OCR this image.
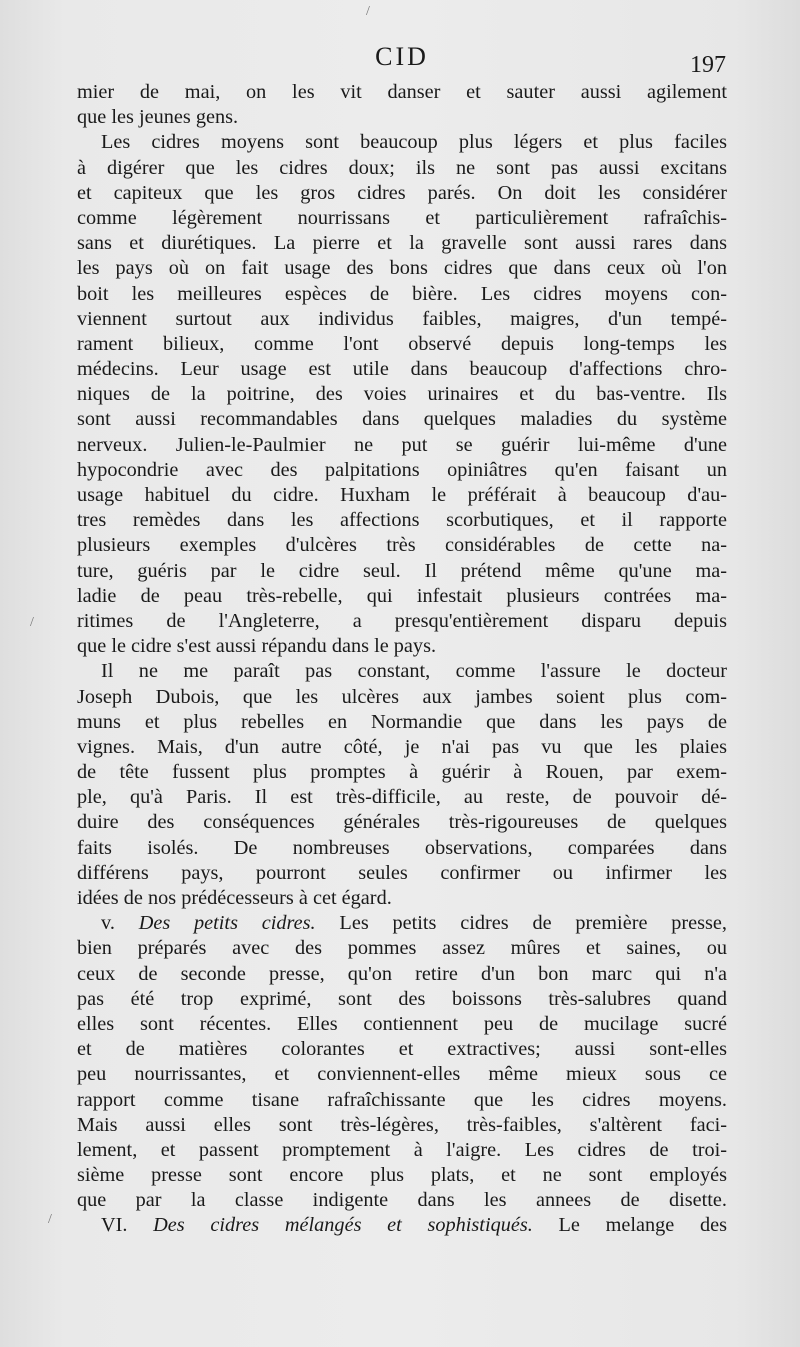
CID	197
mier de mai, on les vit danser et sauter aussi agilement
que les jeunes gens.
Les cidres moyens sont beaucoup plus légers et plus faciles
à digérer que les cidres doux; ils ne sont pas aussi excitans
et capiteux que les gros cidres parés. On doit les considérer
comme légèrement nourrissans et particulièrement rafraîchis-
sans et diurétiques. La pierre et la gravelle sont aussi rares dans
les pays où on fait usage des bons cidres que dans ceux où l'on
boit les meilleures espèces de bière. Les cidres moyens con-
viennent surtout aux individus faibles, maigres, d'un tempé-
rament bilieux, comme l'ont observé depuis long-temps les
médecins. Leur usage est utile dans beaucoup d'affections chro-
niques de la poitrine, des voies urinaires et du bas-ventre. Ils
sont aussi recommandables dans quelques maladies du système
nerveux. Julien-le-Paulmier ne put se guérir lui-même d'une
hypocondrie avec des palpitations opiniâtres qu'en faisant un
usage habituel du cidre. Huxham le préférait à beaucoup d'au-
tres remèdes dans les affections scorbutiques, et il rapporte
plusieurs exemples d'ulcères très considérables de cette na-
ture, guéris par le cidre seul. Il prétend même qu'une ma-
ladie de peau très-rebelle, qui infestait plusieurs contrées ma-
ritimes de l'Angleterre, a presqu'entièrement disparu depuis
que le cidre s'est aussi répandu dans le pays.
Il ne me paraît pas constant, comme l'assure le docteur
Joseph Dubois, que les ulcères aux jambes soient plus com-
muns et plus rebelles en Normandie que dans les pays de
vignes. Mais, d'un autre côté, je n'ai pas vu que les plaies
de tête fussent plus promptes à guérir à Rouen, par exem-
ple, qu'à Paris. Il est très-difficile, au reste, de pouvoir dé-
duire des conséquences générales très-rigoureuses de quelques
faits isolés. De nombreuses observations, comparées dans
différens pays, pourront seules confirmer ou infirmer les
idées de nos prédécesseurs à cet égard.
v. Des petits cidres. Les petits cidres de première presse,
bien préparés avec des pommes assez mûres et saines, ou
ceux de seconde presse, qu'on retire d'un bon marc qui n'a
pas été trop exprimé, sont des boissons très-salubres quand
elles sont récentes. Elles contiennent peu de mucilage sucré
et de matières colorantes et extractives; aussi sont-elles
peu nourrissantes, et conviennent-elles même mieux sous ce
rapport comme tisane rafraîchissante que les cidres moyens.
Mais aussi elles sont très-légères, très-faibles, s'altèrent faci-
lement, et passent promptement à l'aigre. Les cidres de troi-
sième presse sont encore plus plats, et ne sont employés
que par la classe indigente dans les annees de disette.
VI. Des cidres mélangés et sophistiqués. Le melange des
/
/
/
